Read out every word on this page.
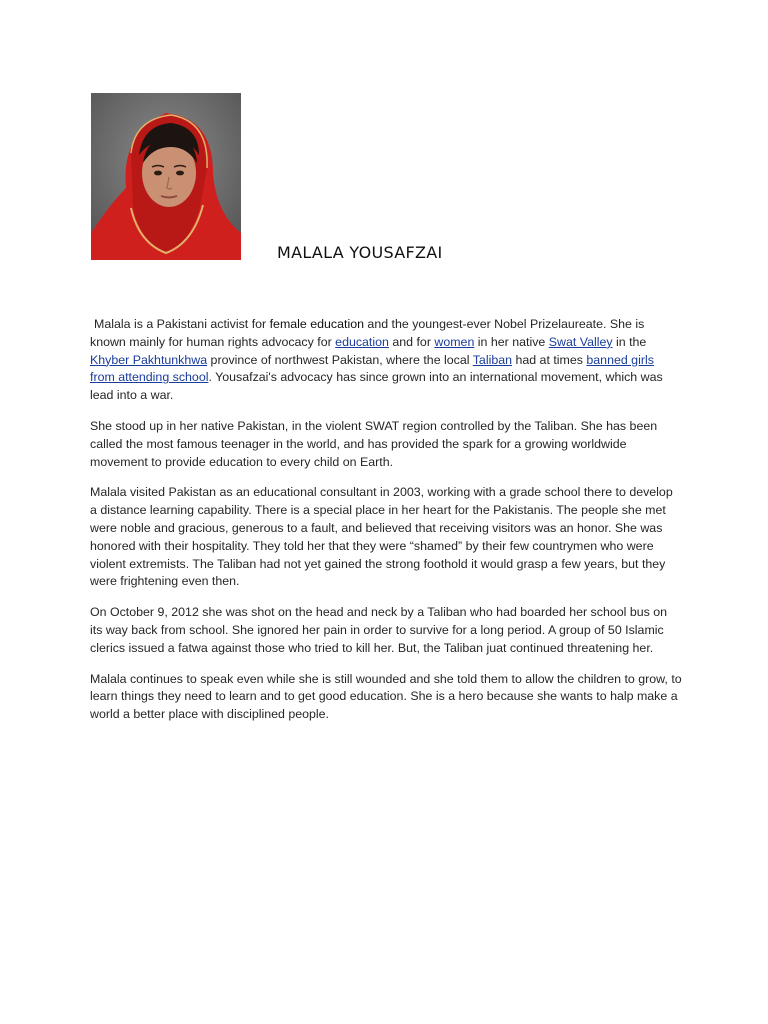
MALALA YOUSAFZAI

Malala is a Pakistani activist for female education and the youngest-ever Nobel Prizelaureate. She is known mainly for human rights advocacy for education and for women in her native Swat Valley in the Khyber Pakhtunkhwa province of northwest Pakistan, where the local Taliban had at times banned girls from attending school. Yousafzai's advocacy has since grown into an international movement, which was lead into a war.

She stood up in her native Pakistan, in the violent SWAT region controlled by the Taliban. She has been called the most famous teenager in the world, and has provided the spark for a growing worldwide movement to provide education to every child on Earth.

Malala visited Pakistan as an educational consultant in 2003, working with a grade school there to develop a distance learning capability. There is a special place in her heart for the Pakistanis. The people she met were noble and gracious, generous to a fault, and believed that receiving visitors was an honor. She was honored with their hospitality. They told her that they were “shamed” by their few countrymen who were violent extremists. The Taliban had not yet gained the strong foothold it would grasp a few years, but they were frightening even then.

On October 9, 2012 she was shot on the head and neck by a Taliban who had boarded her school bus on its way back from school. She ignored her pain in order to survive for a long period. A group of 50 Islamic clerics issued a fatwa against those who tried to kill her. But, the Taliban juat continued threatening her.

Malala continues to speak even while she is still wounded and she told them to allow the children to grow, to learn things they need to learn and to get good education. She is a hero because she wants to halp make a world a better place with disciplined people.
